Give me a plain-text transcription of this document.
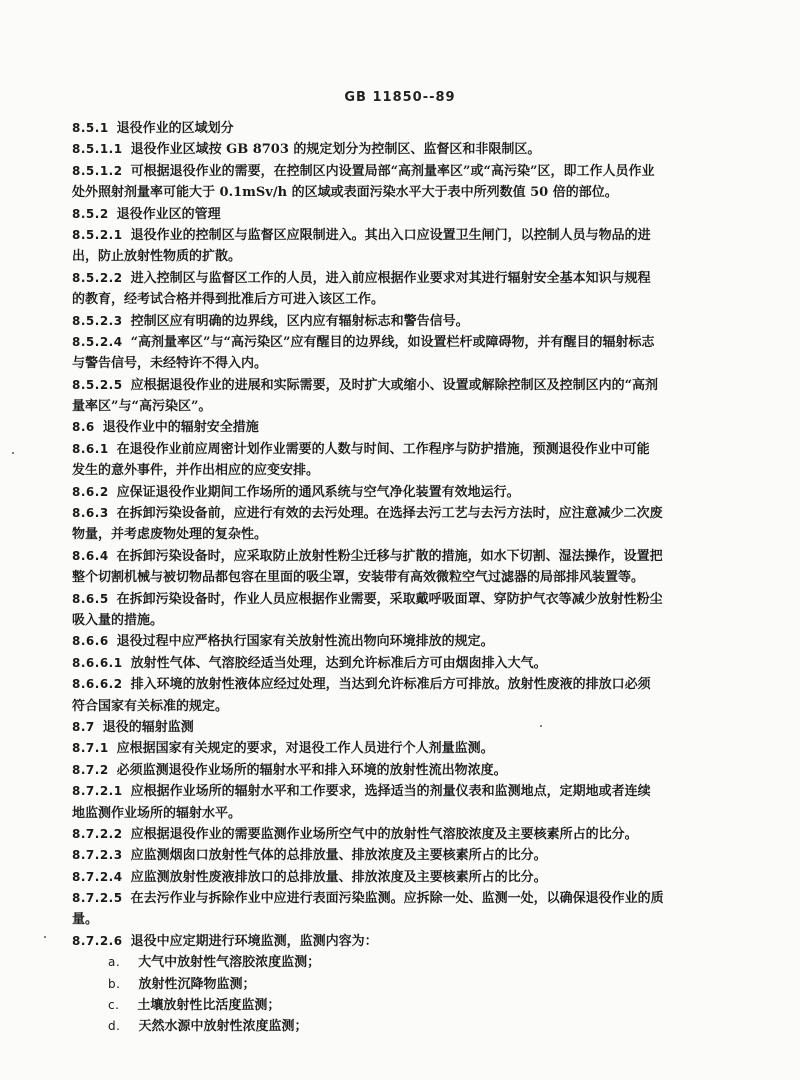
GB 11850--89
8.5.1 退役作业的区域划分
8.5.1.1 退役作业区域按 GB 8703 的规定划分为控制区、监督区和非限制区。
8.5.1.2 可根据退役作业的需要，在控制区内设置局部“高剂量率区”或“高污染”区，即工作人员作业
处外照射剂量率可能大于 0.1mSv/h 的区域或表面污染水平大于表中所列数值 50 倍的部位。
8.5.2 退役作业区的管理
8.5.2.1 退役作业的控制区与监督区应限制进入。其出入口应设置卫生闸门，以控制人员与物品的进
出，防止放射性物质的扩散。
8.5.2.2 进入控制区与监督区工作的人员，进入前应根据作业要求对其进行辐射安全基本知识与规程
的教育，经考试合格并得到批准后方可进入该区工作。
8.5.2.3 控制区应有明确的边界线，区内应有辐射标志和警告信号。
8.5.2.4 “高剂量率区”与“高污染区”应有醒目的边界线，如设置栏杆或障碍物，并有醒目的辐射标志
与警告信号，未经特许不得入内。
8.5.2.5 应根据退役作业的进展和实际需要，及时扩大或缩小、设置或解除控制区及控制区内的“高剂
量率区”与“高污染区”。
8.6 退役作业中的辐射安全措施
8.6.1 在退役作业前应周密计划作业需要的人数与时间、工作程序与防护措施，预测退役作业中可能
发生的意外事件，并作出相应的应变安排。
8.6.2 应保证退役作业期间工作场所的通风系统与空气净化装置有效地运行。
8.6.3 在拆卸污染设备前，应进行有效的去污处理。在选择去污工艺与去污方法时，应注意减少二次废
物量，并考虑废物处理的复杂性。
8.6.4 在拆卸污染设备时，应采取防止放射性粉尘迁移与扩散的措施，如水下切割、湿法操作，设置把
整个切割机械与被切物品都包容在里面的吸尘罩，安装带有高效微粒空气过滤器的局部排风装置等。
8.6.5 在拆卸污染设备时，作业人员应根据作业需要，采取戴呼吸面罩、穿防护气衣等减少放射性粉尘
吸入量的措施。
8.6.6 退役过程中应严格执行国家有关放射性流出物向环境排放的规定。
8.6.6.1 放射性气体、气溶胶经适当处理，达到允许标准后方可由烟囱排入大气。
8.6.6.2 排入环境的放射性液体应经过处理，当达到允许标准后方可排放。放射性废液的排放口必须
符合国家有关标准的规定。
8.7 退役的辐射监测
8.7.1 应根据国家有关规定的要求，对退役工作人员进行个人剂量监测。
8.7.2 必须监测退役作业场所的辐射水平和排入环境的放射性流出物浓度。
8.7.2.1 应根据作业场所的辐射水平和工作要求，选择适当的剂量仪表和监测地点，定期地或者连续
地监测作业场所的辐射水平。
8.7.2.2 应根据退役作业的需要监测作业场所空气中的放射性气溶胶浓度及主要核素所占的比分。
8.7.2.3 应监测烟囱口放射性气体的总排放量、排放浓度及主要核素所占的比分。
8.7.2.4 应监测放射性废液排放口的总排放量、排放浓度及主要核素所占的比分。
8.7.2.5 在去污作业与拆除作业中应进行表面污染监测。应拆除一处、监测一处，以确保退役作业的质
量。
8.7.2.6 退役中应定期进行环境监测，监测内容为：
a. 大气中放射性气溶胶浓度监测；
b. 放射性沉降物监测；
c. 土壤放射性比活度监测；
d. 天然水源中放射性浓度监测；
